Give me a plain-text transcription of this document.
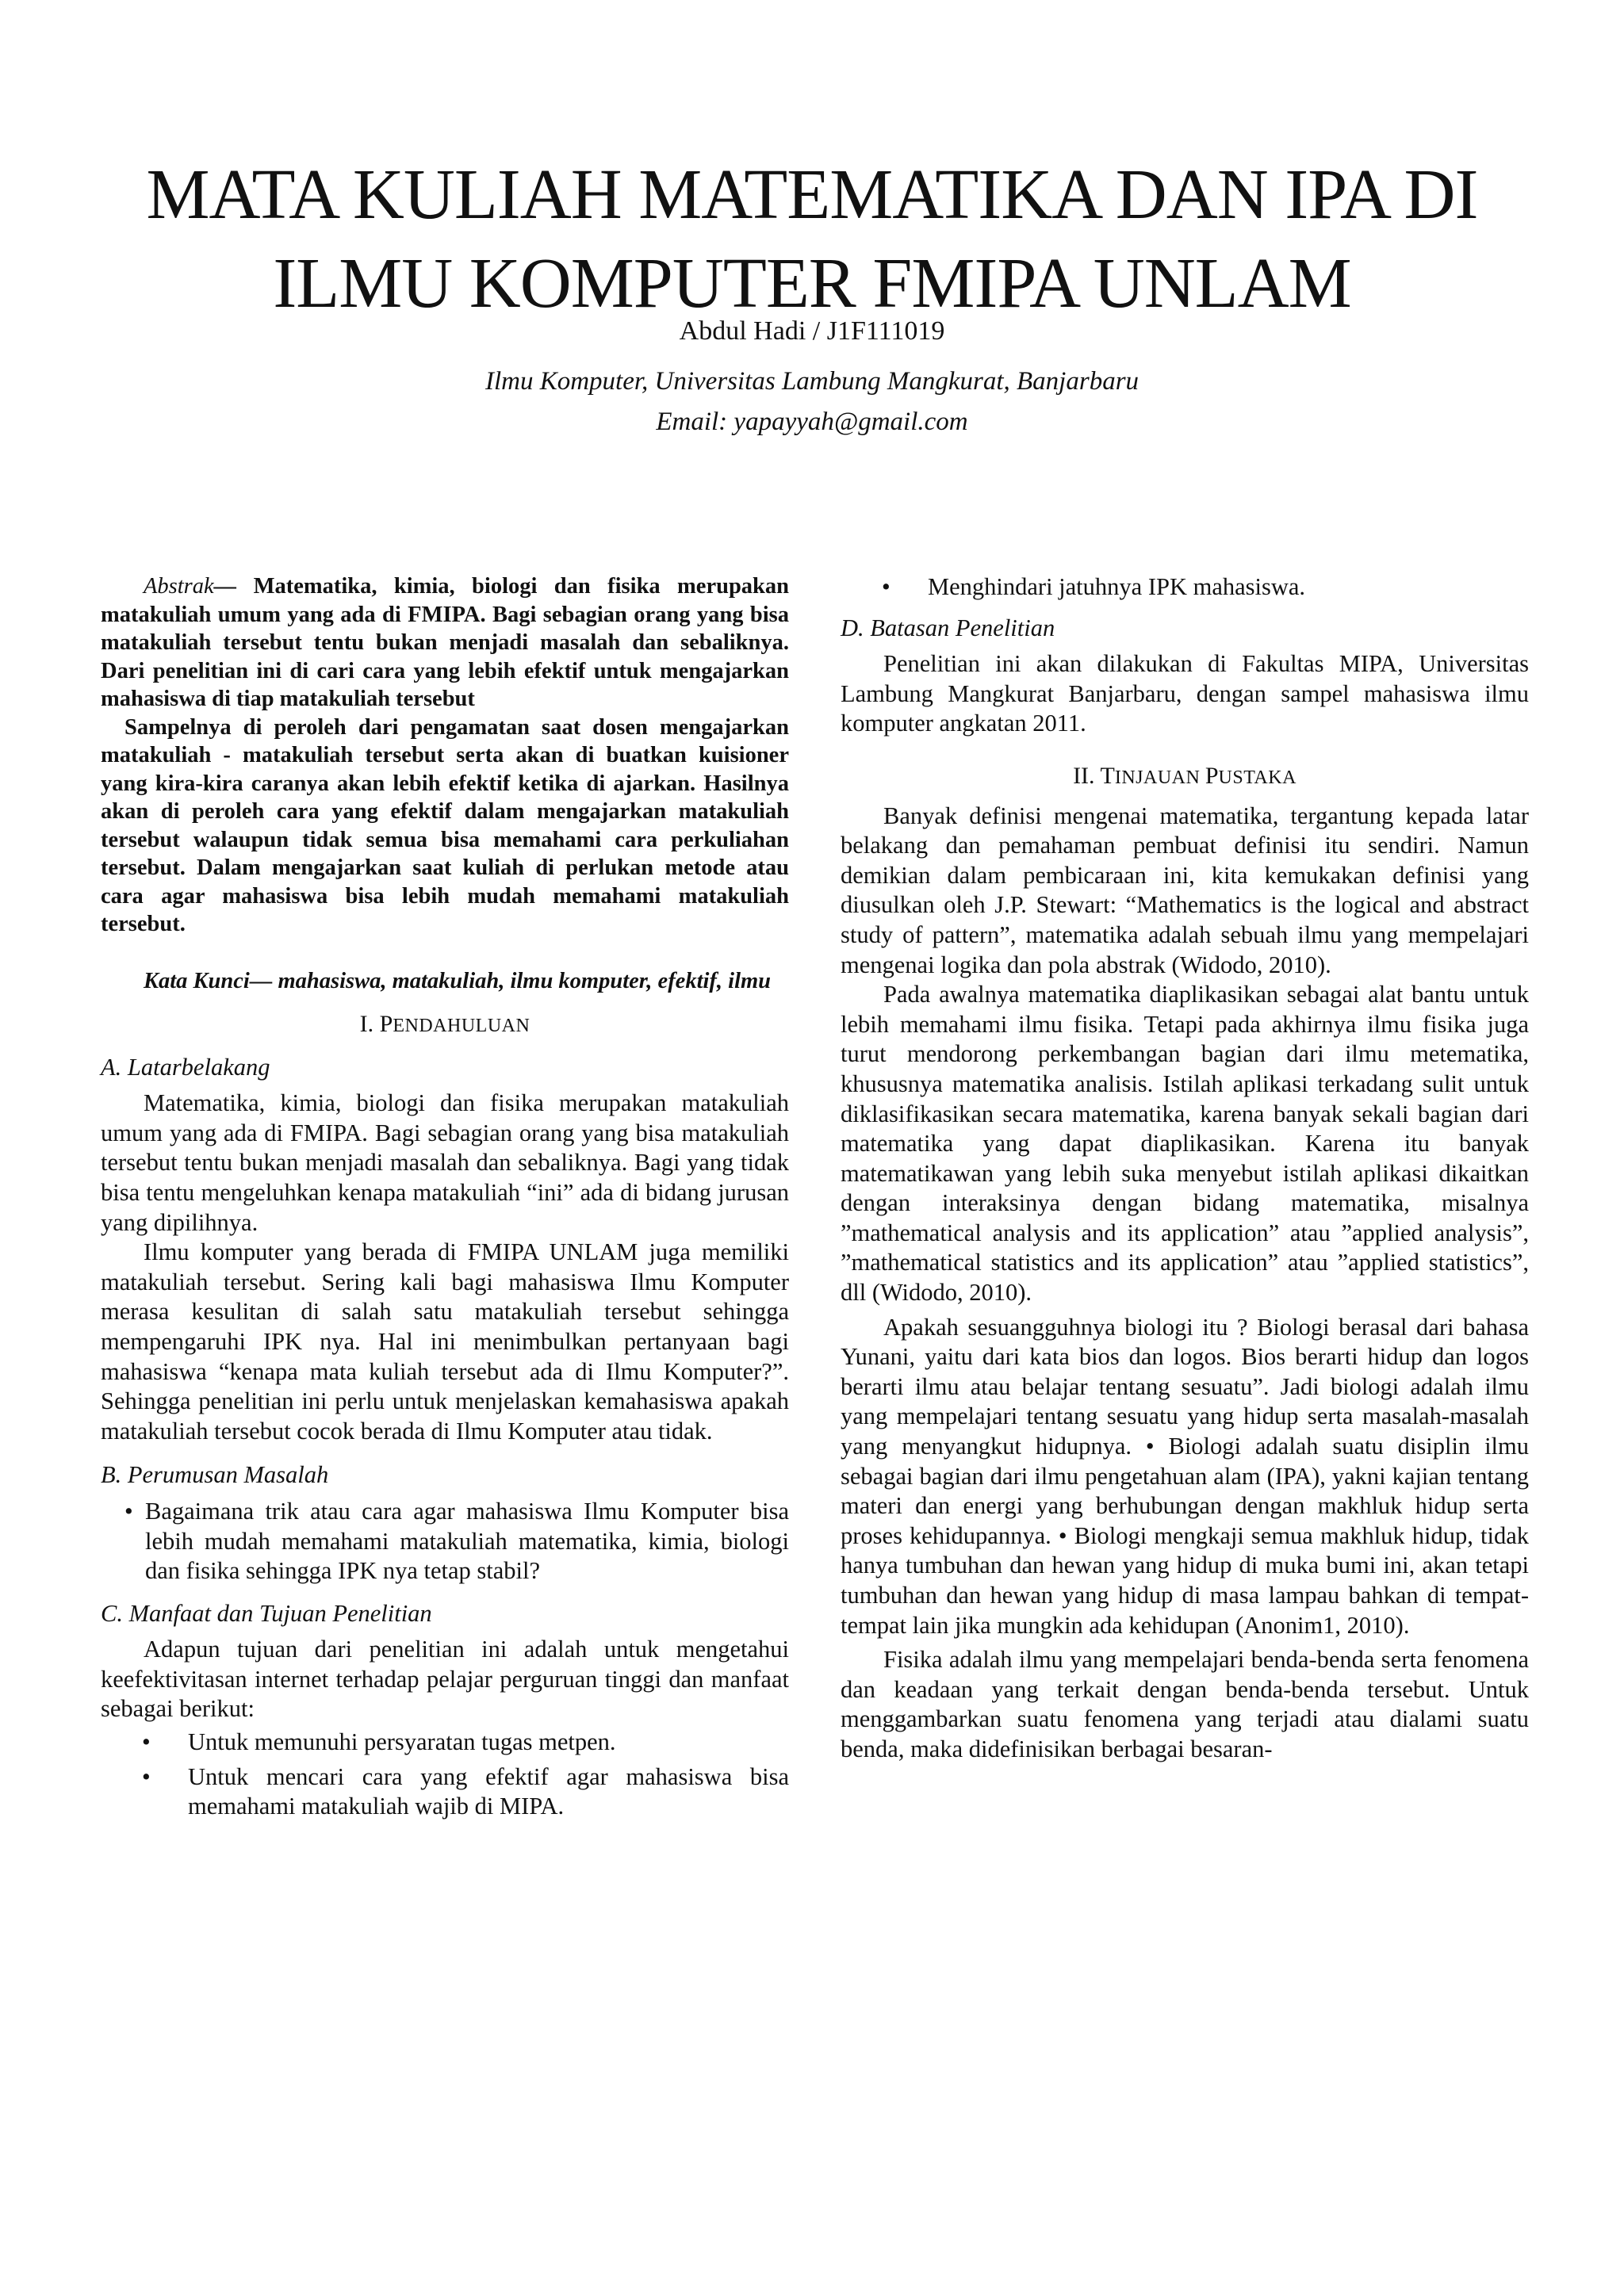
MATA KULIAH MATEMATIKA DAN IPA DI
ILMU KOMPUTER FMIPA UNLAM
Abdul Hadi / J1F111019
Ilmu Komputer, Universitas Lambung Mangkurat, Banjarbaru
Email: yapayyah@gmail.com

Abstrak— Matematika, kimia, biologi dan fisika merupakan matakuliah umum yang ada di FMIPA. Bagi sebagian orang yang bisa matakuliah tersebut tentu bukan menjadi masalah dan sebaliknya. Dari penelitian ini di cari cara yang lebih efektif untuk mengajarkan mahasiswa di tiap matakuliah tersebut

Sampelnya di peroleh dari pengamatan saat dosen mengajarkan matakuliah - matakuliah tersebut serta akan di buatkan kuisioner yang kira-kira caranya akan lebih efektif ketika di ajarkan. Hasilnya akan di peroleh cara yang efektif dalam mengajarkan matakuliah tersebut walaupun tidak semua bisa memahami cara perkuliahan tersebut. Dalam mengajarkan saat kuliah di perlukan metode atau cara agar mahasiswa bisa lebih mudah memahami matakuliah tersebut.

Kata Kunci— mahasiswa, matakuliah, ilmu komputer, efektif, ilmu

I. PENDAHULUAN
A. Latarbelakang

Matematika, kimia, biologi dan fisika merupakan matakuliah umum yang ada di FMIPA. Bagi sebagian orang yang bisa matakuliah tersebut tentu bukan menjadi masalah dan sebaliknya. Bagi yang tidak bisa tentu mengeluhkan kenapa matakuliah “ini” ada di bidang jurusan yang dipilihnya.

Ilmu komputer yang berada di FMIPA UNLAM juga memiliki matakuliah tersebut. Sering kali bagi mahasiswa Ilmu Komputer merasa kesulitan di salah satu matakuliah tersebut sehingga mempengaruhi IPK nya. Hal ini menimbulkan pertanyaan bagi mahasiswa “kenapa mata kuliah tersebut ada di Ilmu Komputer?”. Sehingga penelitian ini perlu untuk menjelaskan kemahasiswa apakah matakuliah tersebut cocok berada di Ilmu Komputer atau tidak.

B. Perumusan Masalah
• Bagaimana trik atau cara agar mahasiswa Ilmu Komputer bisa lebih mudah memahami matakuliah matematika, kimia, biologi dan fisika sehingga IPK nya tetap stabil?
C. Manfaat dan Tujuan Penelitian

Adapun tujuan dari penelitian ini adalah untuk mengetahui keefektivitasan internet terhadap pelajar perguruan tinggi dan manfaat sebagai berikut:

• Untuk memunuhi persyaratan tugas metpen.
• Untuk mencari cara yang efektif agar mahasiswa bisa memahami matakuliah wajib di MIPA.
• Menghindari jatuhnya IPK mahasiswa.
D. Batasan Penelitian

Penelitian ini akan dilakukan di Fakultas MIPA, Universitas Lambung Mangkurat Banjarbaru, dengan sampel mahasiswa ilmu komputer angkatan 2011.

II. TINJAUAN PUSTAKA

Banyak definisi mengenai matematika, tergantung kepada latar belakang dan pemahaman pembuat definisi itu sendiri. Namun demikian dalam pembicaraan ini, kita kemukakan definisi yang diusulkan oleh J.P. Stewart: “Mathematics is the logical and abstract study of pattern”, matematika adalah sebuah ilmu yang mempelajari mengenai logika dan pola abstrak (Widodo, 2010).

Pada awalnya matematika diaplikasikan sebagai alat bantu untuk lebih memahami ilmu fisika. Tetapi pada akhirnya ilmu fisika juga turut mendorong perkembangan bagian dari ilmu metematika, khususnya matematika analisis. Istilah aplikasi terkadang sulit untuk diklasifikasikan secara matematika, karena banyak sekali bagian dari matematika yang dapat diaplikasikan. Karena itu banyak matematikawan yang lebih suka menyebut istilah aplikasi dikaitkan dengan interaksinya dengan bidang matematika, misalnya ”mathematical analysis and its application” atau ”applied analysis”, ”mathematical statistics and its application” atau ”applied statistics”, dll (Widodo, 2010).

Apakah sesuangguhnya biologi itu ? Biologi berasal dari bahasa Yunani, yaitu dari kata bios dan logos. Bios berarti hidup dan logos berarti ilmu atau belajar tentang sesuatu”. Jadi biologi adalah ilmu yang mempelajari tentang sesuatu yang hidup serta masalah-masalah yang menyangkut hidupnya. • Biologi adalah suatu disiplin ilmu sebagai bagian dari ilmu pengetahuan alam (IPA), yakni kajian tentang materi dan energi yang berhubungan dengan makhluk hidup serta proses kehidupannya. • Biologi mengkaji semua makhluk hidup, tidak hanya tumbuhan dan hewan yang hidup di muka bumi ini, akan tetapi tumbuhan dan hewan yang hidup di masa lampau bahkan di tempat-tempat lain jika mungkin ada kehidupan (Anonim1, 2010).

Fisika adalah ilmu yang mempelajari benda-benda serta fenomena dan keadaan yang terkait dengan benda-benda tersebut. Untuk menggambarkan suatu fenomena yang terjadi atau dialami suatu benda, maka didefinisikan berbagai besaran-
